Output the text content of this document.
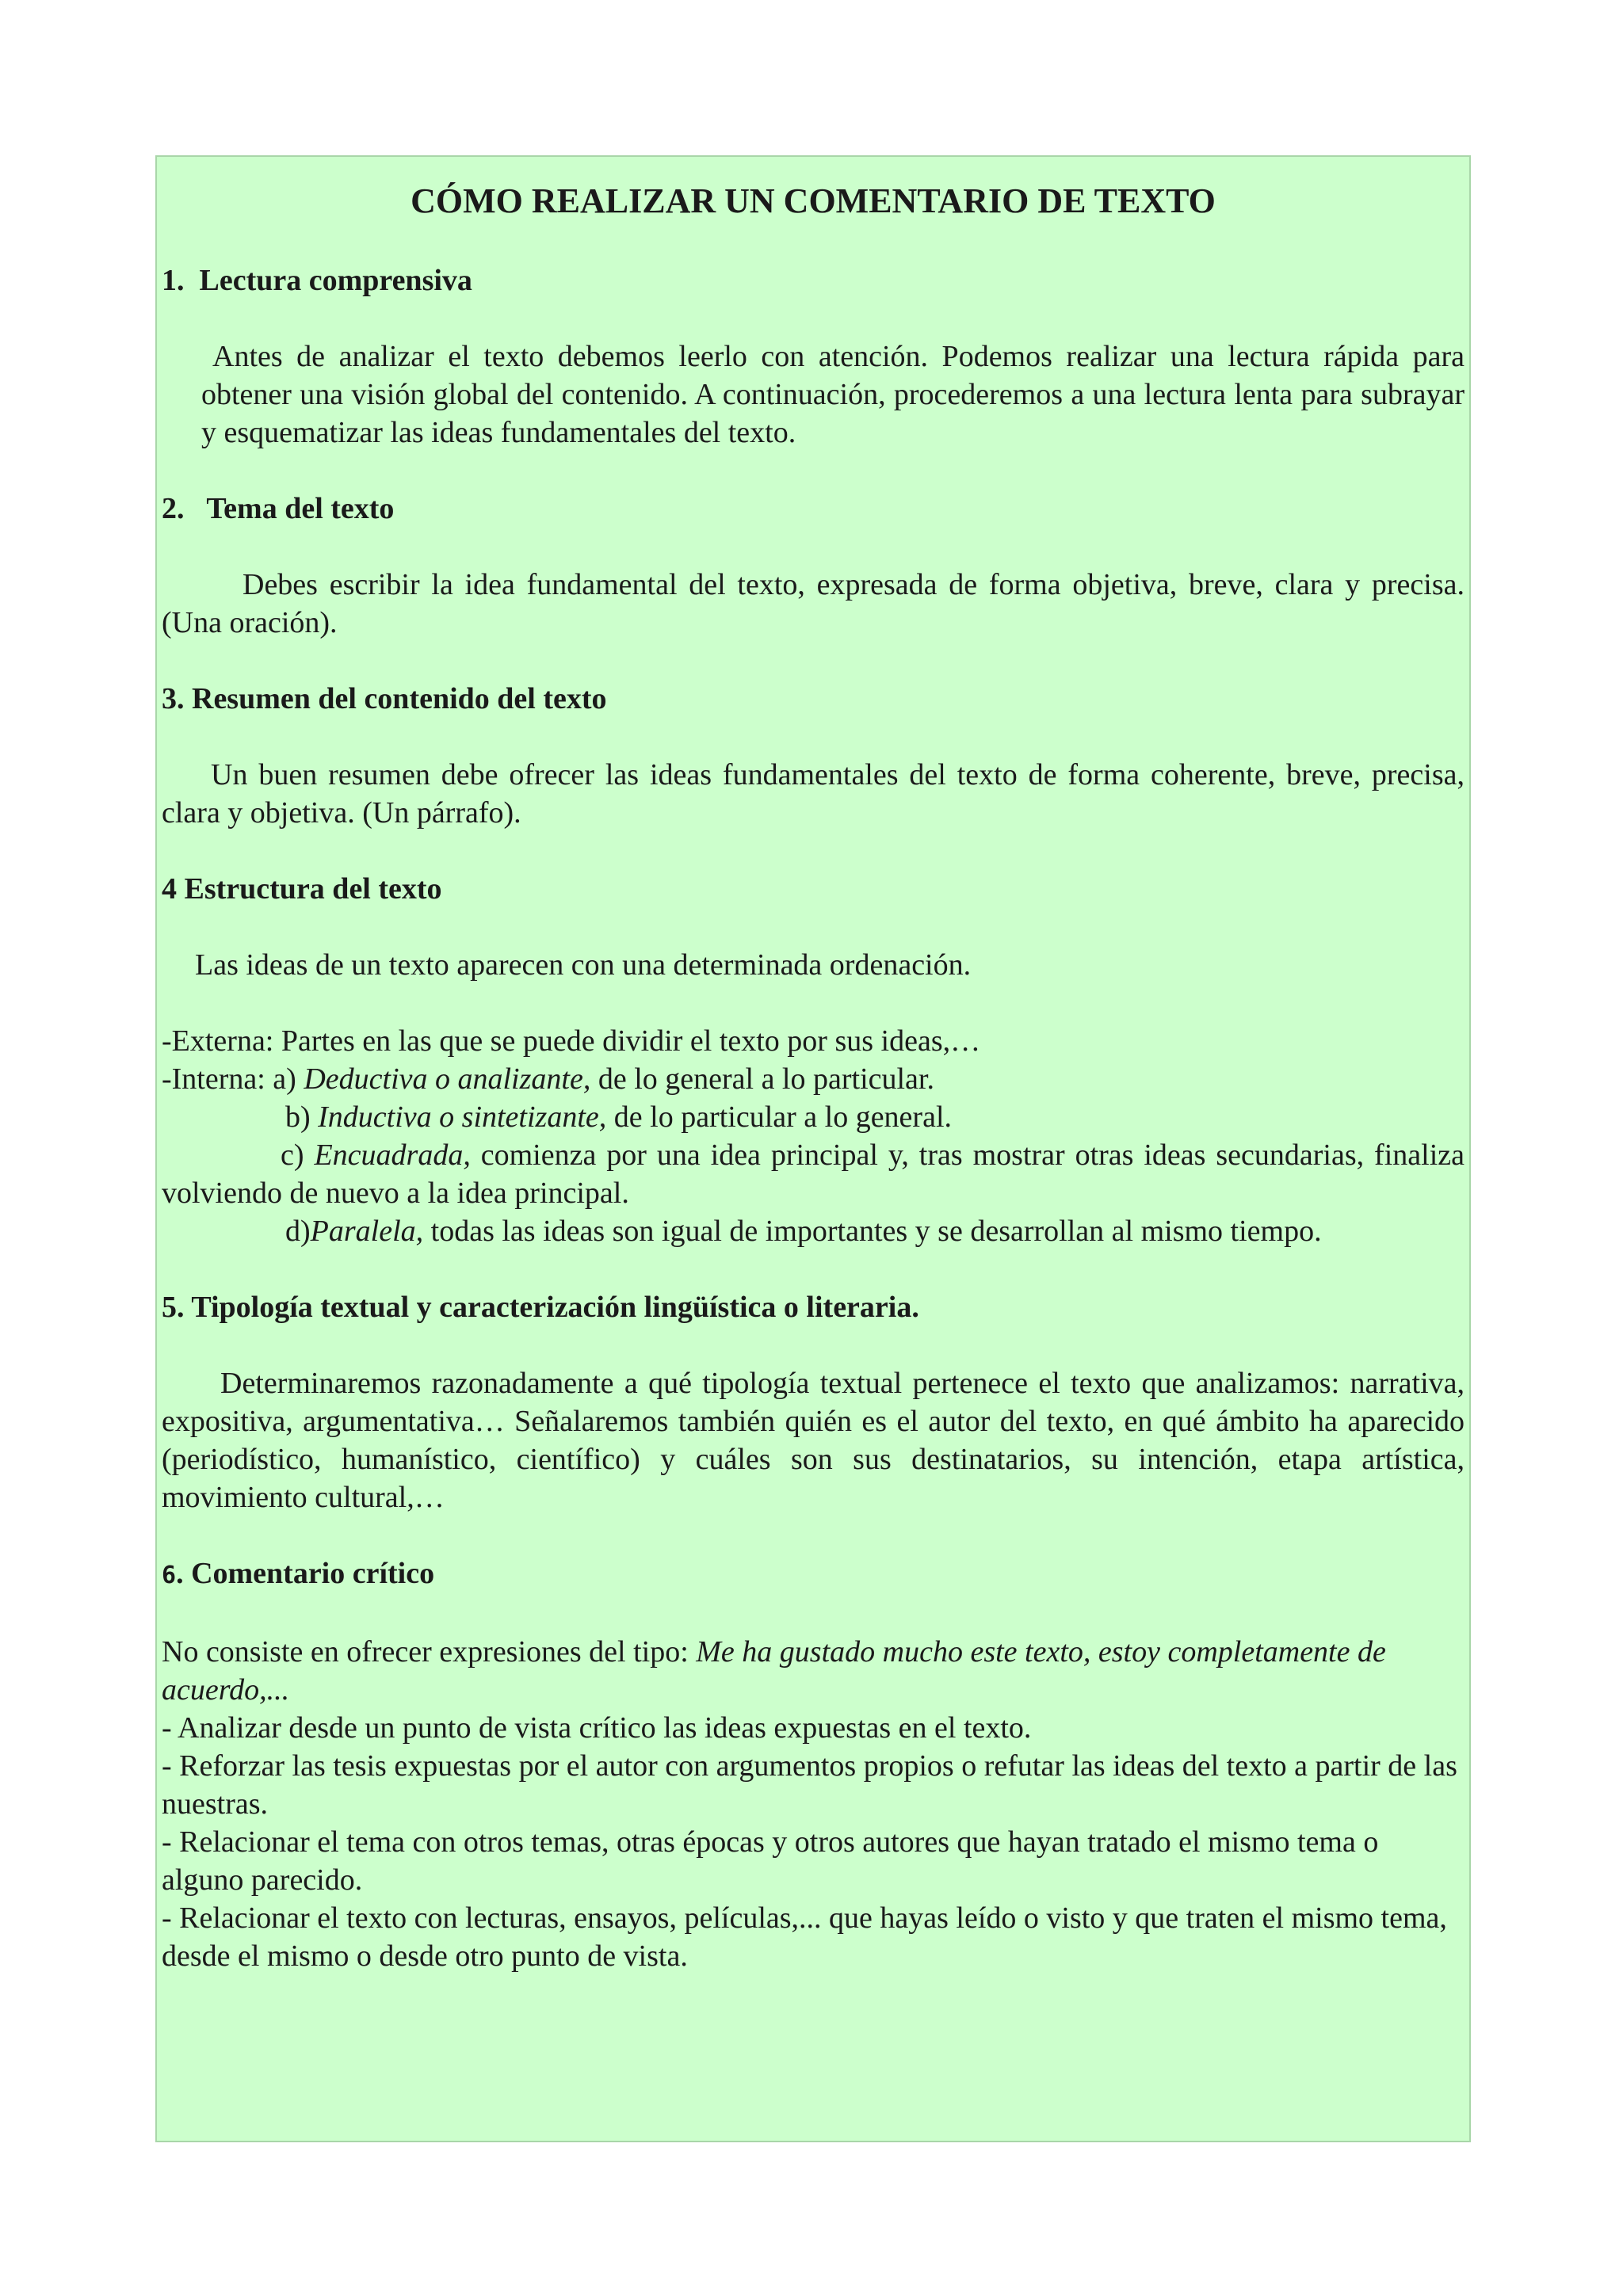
CÓMO REALIZAR UN COMENTARIO DE TEXTO
1.  Lectura comprensiva
Antes de analizar el texto debemos leerlo con atención. Podemos realizar una lectura rápida para obtener una visión global del contenido. A continuación, procederemos a una lectura lenta para subrayar y esquematizar las ideas fundamentales del texto.
2.   Tema del texto
Debes escribir la idea fundamental del texto, expresada de forma objetiva, breve, clara y precisa. (Una oración).
3. Resumen del contenido del texto
Un buen resumen debe ofrecer las ideas fundamentales del texto de forma coherente, breve, precisa, clara y objetiva. (Un párrafo).
4 Estructura del texto
Las ideas de un texto aparecen con una determinada ordenación.
-Externa: Partes en las que se puede dividir el texto por sus ideas,…
-Interna: a) Deductiva o analizante, de lo general a lo particular.
b) Inductiva o sintetizante, de lo particular a lo general.
c) Encuadrada, comienza por una idea principal y, tras mostrar otras ideas secundarias, finaliza volviendo de nuevo a la idea principal.
d)Paralela, todas las ideas son igual de importantes y se desarrollan al mismo tiempo.
5. Tipología textual y caracterización lingüística o literaria.
Determinaremos razonadamente a qué tipología textual pertenece el texto que analizamos: narrativa, expositiva, argumentativa… Señalaremos también quién es el autor del texto, en qué ámbito ha aparecido (periodístico, humanístico, científico) y cuáles son sus destinatarios, su intención, etapa artística, movimiento cultural,…
6. Comentario crítico
No consiste en ofrecer expresiones del tipo: Me ha gustado mucho este texto, estoy completamente de acuerdo,...
- Analizar desde un punto de vista crítico las ideas expuestas en el texto.
- Reforzar las tesis expuestas por el autor con argumentos propios o refutar las ideas del texto a partir de las nuestras.
- Relacionar el tema con otros temas, otras épocas y otros autores que hayan tratado el mismo tema o alguno parecido.
- Relacionar el texto con lecturas, ensayos, películas,... que hayas leído o visto y que traten el mismo tema, desde el mismo o desde otro punto de vista.
